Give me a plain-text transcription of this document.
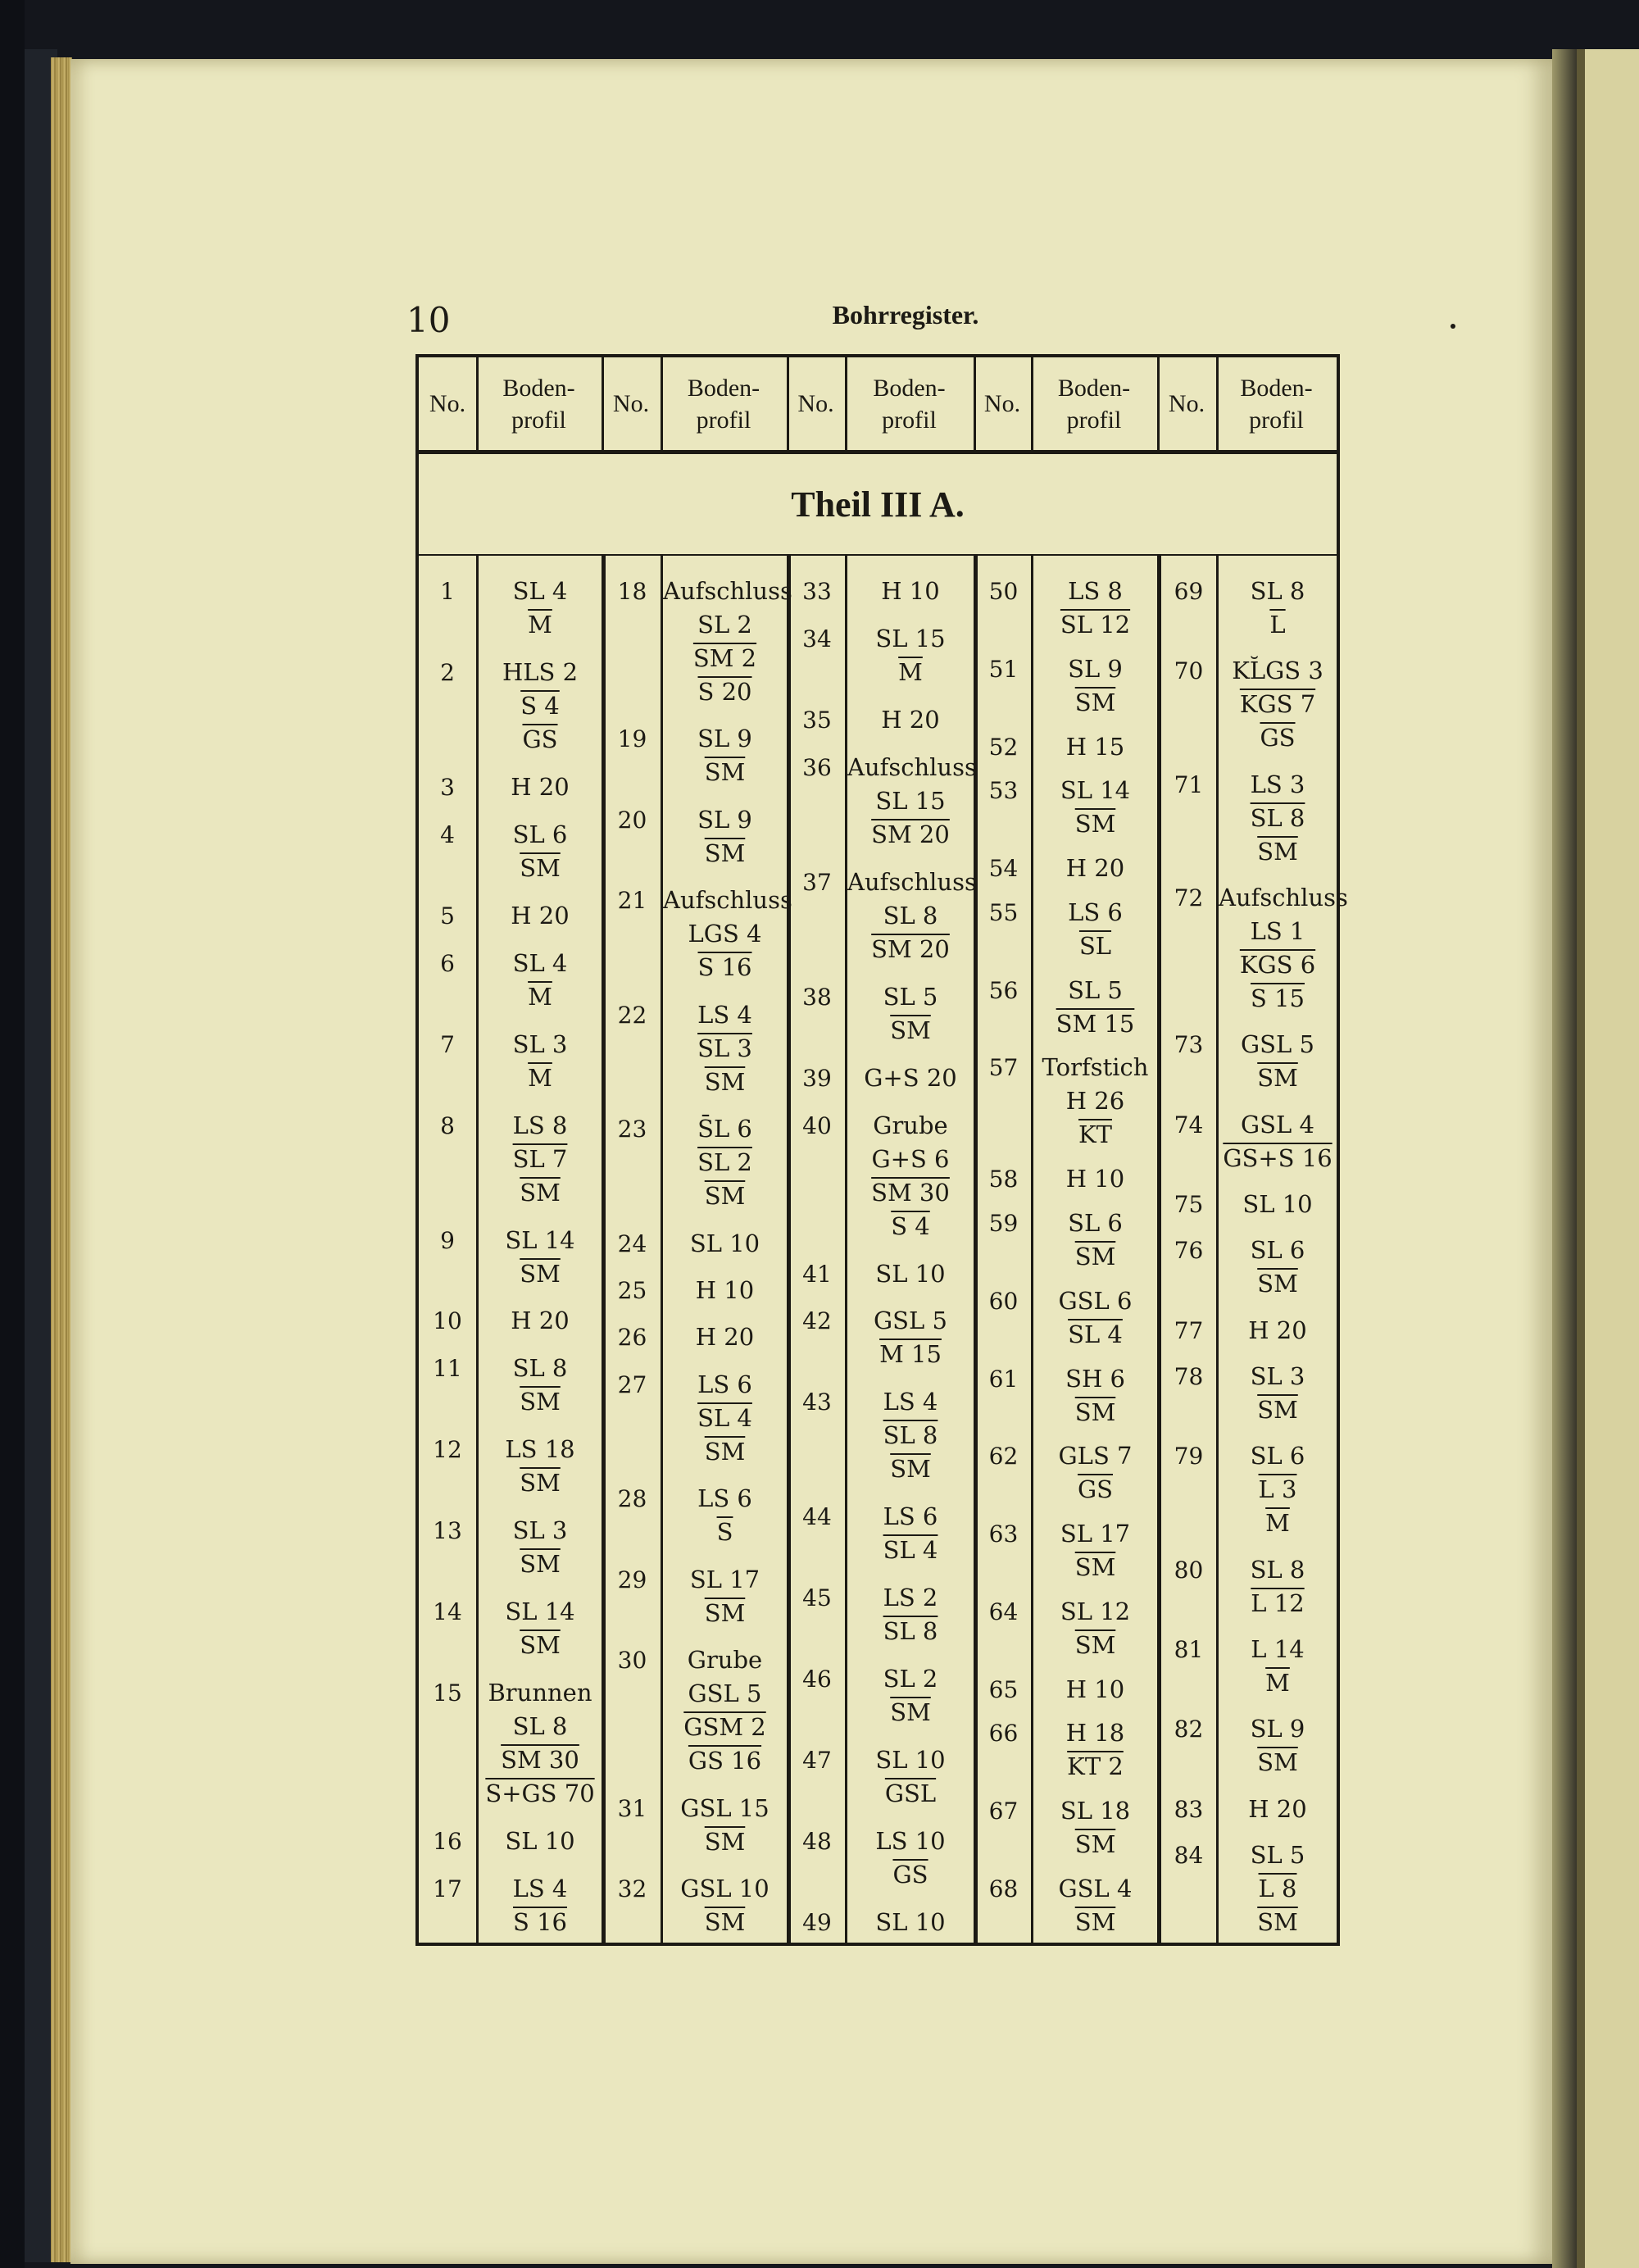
10	Bohrregister.
No.
Boden-
profil
No.
Boden-
profil
No.
Boden-
profil
No.
Boden-
profil
No.
Boden-
profil
Theil III A.
1	SL 4
$\overline{M}$
2	HLS 2
S 4
$\overline{GS}$
3	H 20
4	SL 6
$\overline{SM}$
5	H 20
6	SL 4
$\overline{M}$
7	SL 3
$\overline{M}$
8	LS 8
SL 7
$\overline{SM}$
9	SL 14
$\overline{SM}$
10	H 20
11	SL 8
$\overline{SM}$
12	LS 18
$\overline{SM}$
13	SL 3
$\overline{SM}$
14	SL 14
$\overline{SM}$
15	Brunnen
SL 8
SM 30
S+GS 70
16	SL 10
17	LS 4
S 16
18 Aufschluss
SL 2
SM 2
S 20
19	SL 9
$\overline{SM}$
20	SL 9
$\overline{SM}$
21 Aufschluss
LGS 4
S 16
22	LS 4
SL 3
$\overline{SM}$
23	S̄L 6
SL 2
$\overline{SM}$
24	SL 10
25	H 10
26	H 20
27	LS 6
SL 4
$\overline{SM}$
28	LS 6
$\overline{S}$
29	SL 17
$\overline{SM}$
30	Grube
GSL 5
GSM 2
GS 16
31	GSL 15
$\overline{SM}$
32	GSL 10
$\overline{SM}$
33	H 10
34	SL 15
$\overline{M}$
35	H 20
36 Aufschluss
SL 15
SM 20
37 Aufschluss
SL 8
SM 20
38	SL 5
$\overline{SM}$
39	G+S 20
40	Grube
G+S 6
SM 30
S 4
41	SL 10
42	GSL 5
M 15
43	LS 4
SL 8
$\overline{SM}$
44	LS 6
SL 4
45	LS 2
SL 8
46	SL 2
$\overline{SM}$
47	SL 10
$\overline{GSL}$
48	LS 10
$\overline{GS}$
49	SL 10
50	LS 8
SL 12
51	SL 9
$\overline{SM}$
52	H 15
53	SL 14
$\overline{SM}$
54	H 20
55	LS 6
$\overline{SL}$
56	SL 5
SM 15
57	Torfstich
H 26
$\overline{KT}$
58	H 10
59	SL 6
$\overline{SM}$
60	GSL 6
SL 4
61	SH 6
$\overline{SM}$
62	GLS 7
$\overline{GS}$
63	SL 17
$\overline{SM}$
64	SL 12
$\overline{SM}$
65	H 10
66	H 18
KT 2
67	SL 18
$\overline{SM}$
68	GSL 4
$\overline{SM}$
69	SL 8
$\overline{L}$
70	KL̆GS 3
KGS 7
$\overline{GS}$
71	LS 3
SL 8
$\overline{SM}$
72 Aufschluss
LS 1
KGS 6
S 15
73	GSL 5
$\overline{SM}$
74	GSL 4
GS+S 16
75	SL 10
76	SL 6
$\overline{SM}$
77	H 20
78	SL 3
$\overline{SM}$
79	SL 6
L 3
$\overline{M}$
80	SL 8
L 12
81	L 14
$\overline{M}$
82	SL 9
$\overline{SM}$
83	H 20
84	SL 5
L 8
$\overline{SM}$
